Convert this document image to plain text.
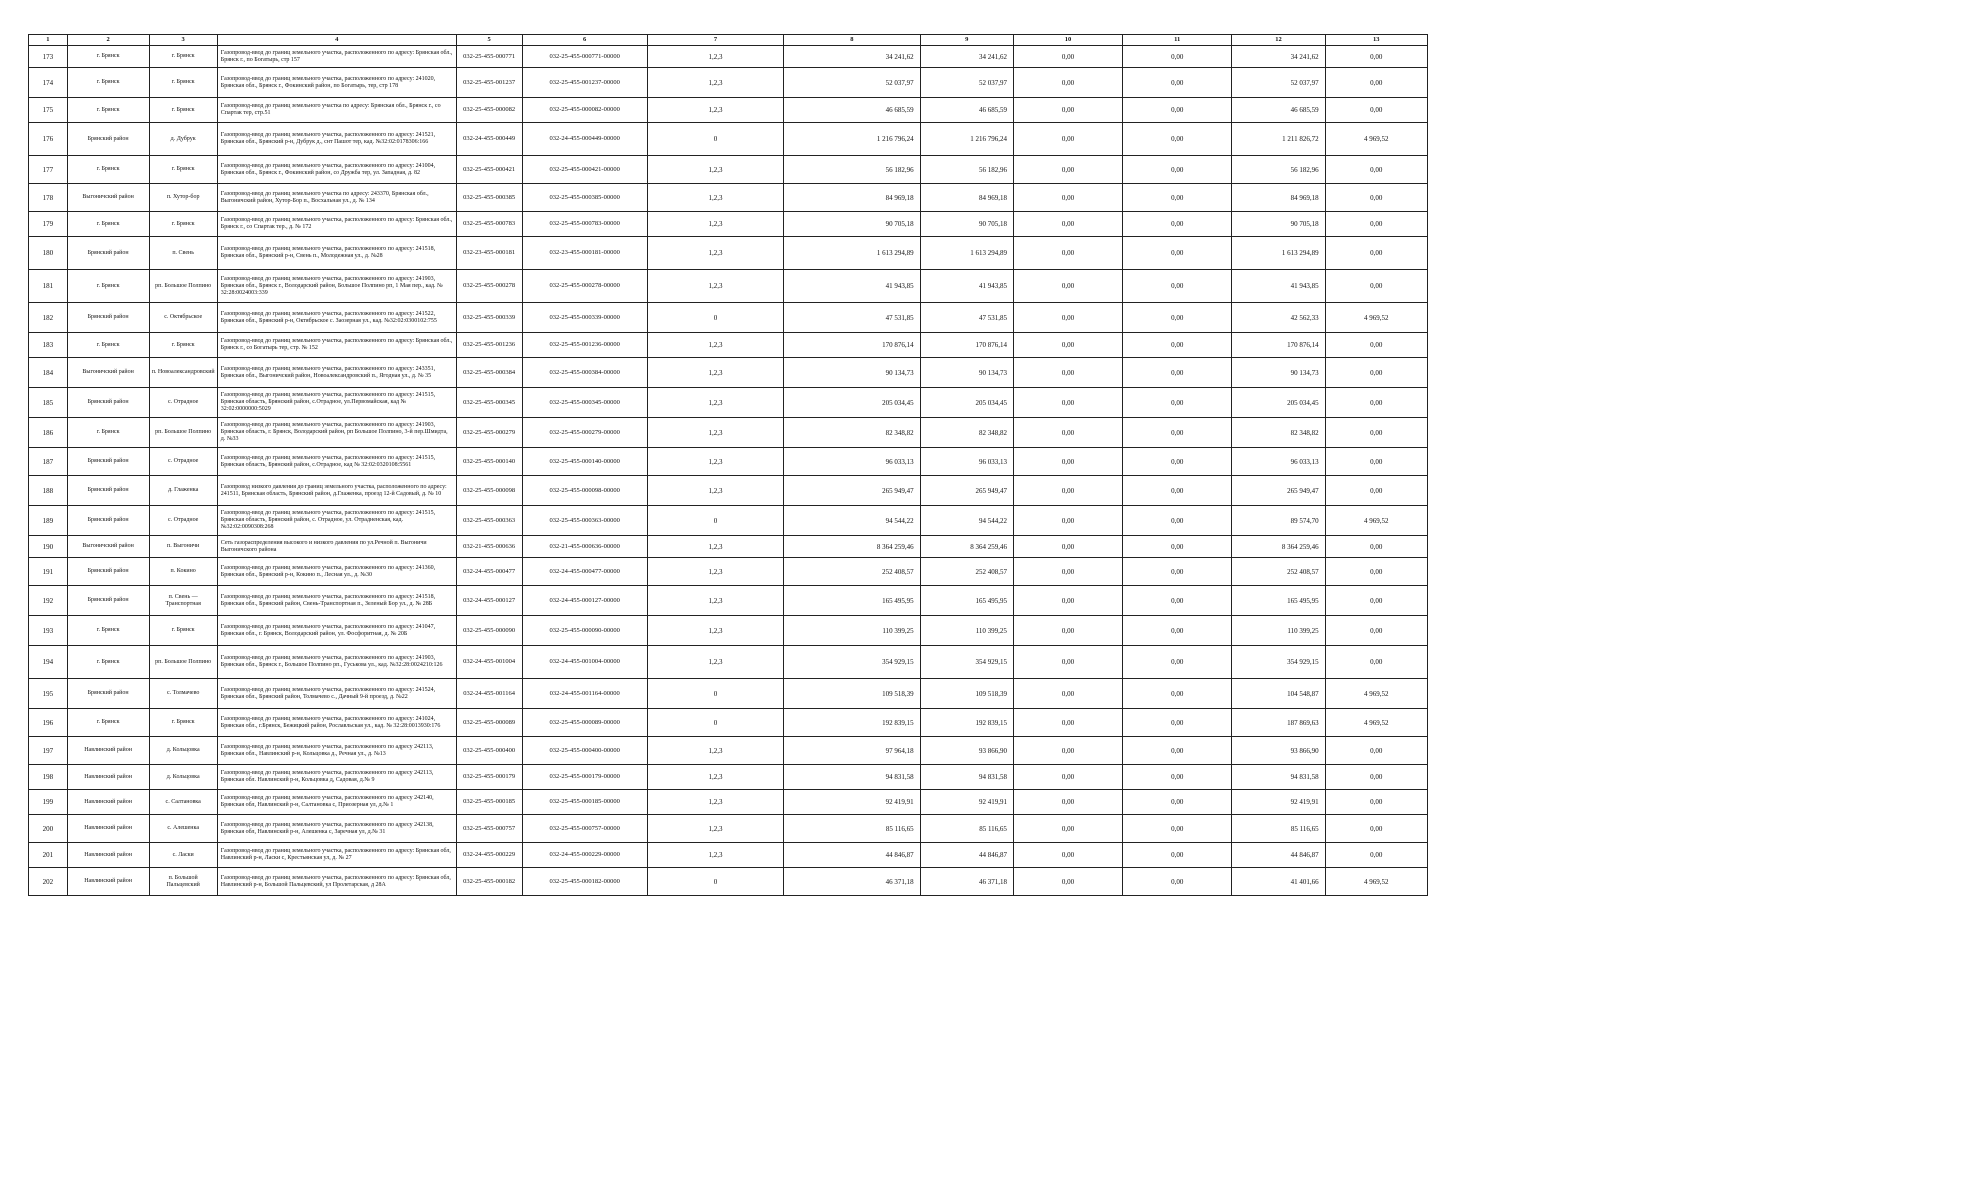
1	2	3	4	5	6	7	8	9	10	11	12	13
173	г. Брянск	г. Брянск	Газопровод-ввод до границ земельного участка, расположенного по адресу: Брянская обл., Брянск г., по Богатырь, стр 157	032-25-455-000771	032-25-455-000771-00000	1,2,3	34 241,62	34 241,62	0,00	0,00	34 241,62	0,00
174	г. Брянск	г. Брянск	Газопровод-ввод до границ земельного участка, расположенного по адресу: 241020, Брянская обл., Брянск г., Фокинский район, по Богатырь, тер, стр 178	032-25-455-001237	032-25-455-001237-00000	1,2,3	52 037,97	52 037,97	0,00	0,00	52 037,97	0,00
175	г. Брянск	г. Брянск	Газопровод-ввод до границ земельного участка по адресу: Брянская обл., Брянск г., со Спартак тер, стр.51	032-25-455-000082	032-25-455-000082-00000	1,2,3	46 685,59	46 685,59	0,00	0,00	46 685,59	0,00
176	Брянский район	д. Дубрук	Газопровод-ввод до границ земельного участка, расположенного по адресу: 241521, Брянская обл., Брянский р-н, Дубрук д., снт Пашот тер, кад. №32:02:0178306:166	032-24-455-000449	032-24-455-000449-00000	0	1 216 796,24	1 216 796,24	0,00	0,00	1 211 826,72	4 969,52
177	г. Брянск	г. Брянск	Газопровод-ввод до границ земельного участка, расположенного по адресу: 241004, Брянская обл., Брянск г., Фокинский район, со Дружба тер, ул. Западная, д. 82	032-25-455-000421	032-25-455-000421-00000	1,2,3	56 182,96	56 182,96	0,00	0,00	56 182,96	0,00
178	Выгоничский район	п. Хутор-бор	Газопровод-ввод до границ земельного участка по адресу: 243370, Брянская обл., Выгоничский район, Хутор-Бор п., Восхальная ул., д. № 134	032-25-455-000385	032-25-455-000385-00000	1,2,3	84 969,18	84 969,18	0,00	0,00	84 969,18	0,00
179	г. Брянск	г. Брянск	Газопровод-ввод до границ земельного участка, расположенного по адресу: Брянская обл., Брянск г., со Спартак тер., д. № 172	032-25-455-000783	032-25-455-000783-00000	1,2,3	90 705,18	90 705,18	0,00	0,00	90 705,18	0,00
180	Брянский район	п. Свень	Газопровод-ввод до границ земельного участка, расположенного по адресу: 241518, Брянская обл., Брянский р-н, Свень п., Молодежная ул., д. №28	032-23-455-000181	032-23-455-000181-00000	1,2,3	1 613 294,89	1 613 294,89	0,00	0,00	1 613 294,89	0,00
181	г. Брянск	рп. Большое Полпино	Газопровод-ввод до границ земельного участка, расположенного по адресу: 241903, Брянская обл., Брянск г., Володарский район, Большое Полпино рп, 1 Мая пер., кад. № 32:28:0024003:339	032-25-455-000278	032-25-455-000278-00000	1,2,3	41 943,85	41 943,85	0,00	0,00	41 943,85	0,00
182	Брянский район	с. Октябрьское	Газопровод-ввод до границ земельного участка, расположенного по адресу: 241522, Брянская обл., Брянский р-н, Октябрьское с. Заозерная ул., кад. №32:02:0300102:755	032-25-455-000339	032-25-455-000339-00000	0	47 531,85	47 531,85	0,00	0,00	42 562,33	4 969,52
183	г. Брянск	г. Брянск	Газопровод-ввод до границ земельного участка, расположенного по адресу: Брянская обл., Брянск г., со Богатырь тер, стр. № 152	032-25-455-001236	032-25-455-001236-00000	1,2,3	170 876,14	170 876,14	0,00	0,00	170 876,14	0,00
184	Выгоничский район	п. Новоалександровский	Газопровод-ввод до границ земельного участка, расположенного по адресу: 243351, Брянская обл., Выгоничский район, Новоалександровский п., Ягодная ул., д. № 35	032-25-455-000384	032-25-455-000384-00000	1,2,3	90 134,73	90 134,73	0,00	0,00	90 134,73	0,00
185	Брянский район	с. Отрадное	Газопровод-ввод до границ земельного участка, расположенного по адресу: 241515, Брянская область, Брянский район, с.Отрадное, ул.Первомайская, кад № 32:02:0000000:5029	032-25-455-000345	032-25-455-000345-00000	1,2,3	205 034,45	205 034,45	0,00	0,00	205 034,45	0,00
186	г. Брянск	рп. Большое Полпино	Газопровод-ввод до границ земельного участка, расположенного по адресу: 241903, Брянская область, г. Брянск, Володарский район, рп Большое Полпино, 3-й пер.Шмидта, д. №33	032-25-455-000279	032-25-455-000279-00000	1,2,3	82 348,82	82 348,82	0,00	0,00	82 348,82	0,00
187	Брянский район	с. Отрадное	Газопровод-ввод до границ земельного участка, расположенного по адресу: 241515, Брянская область, Брянский район, с.Отрадное, кад № 32:02:0320108:5561	032-25-455-000140	032-25-455-000140-00000	1,2,3	96 033,13	96 033,13	0,00	0,00	96 033,13	0,00
188	Брянский район	д. Глаженка	Газопровод низкого давления до границ земельного участка, расположенного по адресу: 241511, Брянская область, Брянский район, д.Глаженка, проезд 12-й Садовый, д. № 10	032-25-455-000098	032-25-455-000098-00000	1,2,3	265 949,47	265 949,47	0,00	0,00	265 949,47	0,00
189	Брянский район	с. Отрадное	Газопровод-ввод до границ земельного участка, расположенного по адресу: 241515, Брянская область, Брянский район, с. Отрадное, ул. Отрадненская, кад. №32:02:0090308:268	032-25-455-000363	032-25-455-000363-00000	0	94 544,22	94 544,22	0,00	0,00	89 574,70	4 969,52
190	Выгоничский район	п. Выгоничи	Сеть газораспределения высокого и низкого давления по ул.Речной п. Выгоничи Выгоничского района	032-21-455-000636	032-21-455-000636-00000	1,2,3	8 364 259,46	8 364 259,46	0,00	0,00	8 364 259,46	0,00
191	Брянский район	п. Кокино	Газопровод-ввод до границ земельного участка, расположенного по адресу: 241360, Брянская обл., Брянский р-н, Кокино п., Лесная ул., д. №30	032-24-455-000477	032-24-455-000477-00000	1,2,3	252 408,57	252 408,57	0,00	0,00	252 408,57	0,00
192	Брянский район	п. Свень — Транспортная	Газопровод-ввод до границ земельного участка, расположенного по адресу: 241518, Брянская обл., Брянский район, Свень-Транспортная п., Зеленый Бор ул., д. № 28Б	032-24-455-000127	032-24-455-000127-00000	1,2,3	165 495,95	165 495,95	0,00	0,00	165 495,95	0,00
193	г. Брянск	г. Брянск	Газопровод-ввод до границ земельного участка, расположенного по адресу: 241047, Брянская обл., г. Брянск, Володарский район, ул. Фосфоритная, д. № 20Б	032-25-455-000090	032-25-455-000090-00000	1,2,3	110 399,25	110 399,25	0,00	0,00	110 399,25	0,00
194	г. Брянск	рп. Большое Полпино	Газопровод-ввод до границ земельного участка, расположенного по адресу: 241903, Брянская обл., Брянск г., Большое Полпино рп., Гуськова ул., кад. №32:28:0024210:126	032-24-455-001004	032-24-455-001004-00000	1,2,3	354 929,15	354 929,15	0,00	0,00	354 929,15	0,00
195	Брянский район	с. Толмачево	Газопровод-ввод до границ земельного участка, расположенного по адресу: 241524, Брянская обл., Брянский район, Толмачево с., Дачный 9-й проезд, д. №22	032-24-455-001164	032-24-455-001164-00000	0	109 518,39	109 518,39	0,00	0,00	104 548,87	4 969,52
196	г. Брянск	г. Брянск	Газопровод-ввод до границ земельного участка, расположенного по адресу: 241024, Брянская обл., г.Брянск, Бежицкий район, Рославльская ул., кад. № 32:28:0013930:176	032-25-455-000089	032-25-455-000089-00000	0	192 839,15	192 839,15	0,00	0,00	187 869,63	4 969,52
197	Навлинский район	д. Кольцовка	Газопровод-ввод до границ земельного участка, расположенного по адресу 242113, Брянская обл., Навлинский р-н, Кольцовка д., Речная ул., д. №13	032-25-455-000400	032-25-455-000400-00000	1,2,3	97 964,18	93 866,90	0,00	0,00	93 866,90	0,00
198	Навлинский район	д. Кольцовка	Газопровод-ввод до границ земельного участка, расположенного по адресу 242113, Брянская обл. Навлинский р-н, Кольцовка д, Садовая, д.№ 9	032-25-455-000179	032-25-455-000179-00000	1,2,3	94 831,58	94 831,58	0,00	0,00	94 831,58	0,00
199	Навлинский район	с. Салтановка	Газопровод-ввод до границ земельного участка, расположенного по адресу 242140, Брянская обл, Навлинский р-н, Салтановка с, Приозерная ул, д.№ 1	032-25-455-000185	032-25-455-000185-00000	1,2,3	92 419,91	92 419,91	0,00	0,00	92 419,91	0,00
200	Навлинский район	с. Алешенка	Газопровод-ввод до границ земельного участка, расположенного по адресу 242138, Брянская обл, Навлинский р-н, Алешенка с, Заречная ул, д.№ 31	032-25-455-000757	032-25-455-000757-00000	1,2,3	85 116,65	85 116,65	0,00	0,00	85 116,65	0,00
201	Навлинский район	с. Ласки	Газопровод-ввод до границ земельного участка, расположенного по адресу: Брянская обл, Навлинский р-н, Ласки с, Крестьянская ул, д. № 27	032-24-455-000229	032-24-455-000229-00000	1,2,3	44 846,87	44 846,87	0,00	0,00	44 846,87	0,00
202	Навлинский район	п. Большой Пальцевский	Газопровод-ввод до границ земельного участка, расположенного по адресу: Брянская обл, Навлинский р-н, Большой Пальцевский, ул Пролетарская, д 28А	032-25-455-000182	032-25-455-000182-00000	0	46 371,18	46 371,18	0,00	0,00	41 401,66	4 969,52
